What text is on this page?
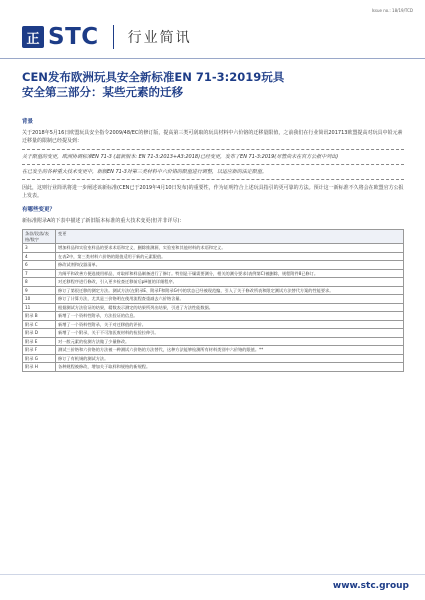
Issue no.: 18/19/TCD
正 STC 行业简讯
CEN发布欧洲玩具安全新标准EN 71-3:2019玩具
安全第三部分：某些元素的迁移
背景

关于2018年5月16日欧盟玩具安全指令2009/48/EC的修订版，提高第三类可刮取的玩具材料中六价铬的迁移量限值，之前我们在行业简讯201713欧盟提高对玩具中铅元素迁移量的限制已经提及到：

关于限值的变更，欧洲协调标准EN 71-3 (最新版本: EN 71-3:2013+A3:2018)已经变更，发布了EN 71-3:2019(尽管尚未在官方公报中列出)

在已发生的各种重大技术变更中，新版EN 71-3对第三类材料中六价铬的限值进行调整，以适应新的法定限值。

因此，这则行业简讯将进一步阐述该新标准(CEN已于2019年4月10日发布)的重要性，作为证明符合上述玩具指引的更可靠的方法。预计这一新标准不久将会在欧盟官方公报上发表。

有哪些变更？

新标准附录A的下表中描述了新旧版本标准的重大技术变更(但并非详尽)：

条款/段落/表格/数字	变更
3	增加样品和实验室样品的要求术语和定义，删除推测源，实验室和其他材料的术语和定义。
4	在表2中，第三类材料六价铬的限值适用于新的元素限值。
6	修改试剂和仪器清单。
7	为阐平和改善方便选使用样品，对取样和样品制备进行了修订。特别是干燥需要测分，相关的测分要求(表例第C)被删除，规程附件8已修订。
8	对迁移程序进行修改，引入更多检查迁移前后pH值的详细程序。
9	修订了第很迁移的测定方法。测试方法(在附录E、附录F和附录G中)的状态已经被现范编，引入了关于修改所表和限定测试方法替代方案的性能要求。
10	修订了计算方法，尤其是三价铬明在使用流程查重减去六价铬含量。
11	根据测试方法验证的结果，精数表示测定的结果所列出结果，引进了方法性能数据。
附录 B	新增了一个资料性附录，方法验证的信息。
附录 C	新增了一个资料性附录，关于对迁移值的评价。
附录 D	新增了一个附录，关于不可溶医废材料的检验拉伸引。
附录 E	对一般元素的检测方法做了少量修改。
附录 F	测试三价铬和六价铬的方法被一种测试六价铬的方法替代，这种方法能够检测所有材料类别中六价铬的限值。**
附录 G	修订了有机锡的测试方法。
附录 H	各种规程被修改，增加关于取样和规格的新规程。
www.stc.group
